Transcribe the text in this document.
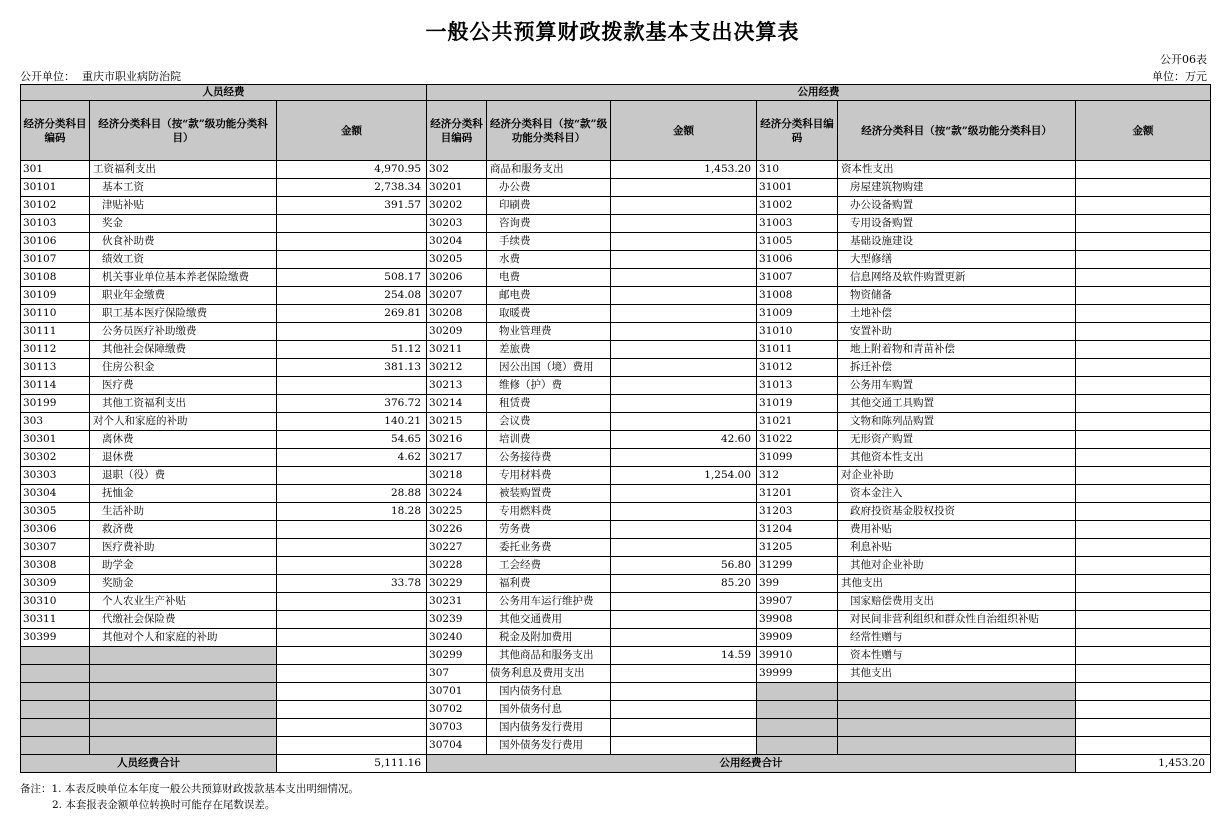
一般公共预算财政拨款基本支出决算表
公开06表
公开单位： 重庆市职业病防治院	单位：万元
人员经费			公用经费					
经济分类科目编码	经济分类科目（按“款”级功能分类科目）	金额	经济分类科目编码	经济分类科目（按“款”级功能分类科目）	金额	经济分类科目编码	经济分类科目（按“款”级功能分类科目）	金额
301	工资福利支出	4,970.95	302	商品和服务支出	1,453.20	310	资本性支出	
30101	基本工资	2,738.34	30201	办公费		31001	房屋建筑物购建	
30102	津贴补贴	391.57	30202	印刷费		31002	办公设备购置	
30103	奖金		30203	咨询费		31003	专用设备购置	
30106	伙食补助费		30204	手续费		31005	基础设施建设	
30107	绩效工资		30205	水费		31006	大型修缮	
30108	机关事业单位基本养老保险缴费	508.17	30206	电费		31007	信息网络及软件购置更新	
30109	职业年金缴费	254.08	30207	邮电费		31008	物资储备	
30110	职工基本医疗保险缴费	269.81	30208	取暖费		31009	土地补偿	
30111	公务员医疗补助缴费		30209	物业管理费		31010	安置补助	
30112	其他社会保障缴费	51.12	30211	差旅费		31011	地上附着物和青苗补偿	
30113	住房公积金	381.13	30212	因公出国（境）费用		31012	拆迁补偿	
30114	医疗费		30213	维修（护）费		31013	公务用车购置	
30199	其他工资福利支出	376.72	30214	租赁费		31019	其他交通工具购置	
303	对个人和家庭的补助	140.21	30215	会议费		31021	文物和陈列品购置	
30301	离休费	54.65	30216	培训费	42.60	31022	无形资产购置	
30302	退休费	4.62	30217	公务接待费		31099	其他资本性支出	
30303	退职（役）费		30218	专用材料费	1,254.00	312	对企业补助	
30304	抚恤金	28.88	30224	被装购置费		31201	资本金注入	
30305	生活补助	18.28	30225	专用燃料费		31203	政府投资基金股权投资	
30306	救济费		30226	劳务费		31204	费用补贴	
30307	医疗费补助		30227	委托业务费		31205	利息补贴	
30308	助学金		30228	工会经费	56.80	31299	其他对企业补助	
30309	奖励金	33.78	30229	福利费	85.20	399	其他支出	
30310	个人农业生产补贴		30231	公务用车运行维护费		39907	国家赔偿费用支出	
30311	代缴社会保险费		30239	其他交通费用		39908	对民间非营利组织和群众性自治组织补贴	
30399	其他对个人和家庭的补助		30240	税金及附加费用		39909	经常性赠与	
			30299	其他商品和服务支出	14.59	39910	资本性赠与	
			307	债务利息及费用支出		39999	其他支出	
			30701	国内债务付息				
			30702	国外债务付息				
			30703	国内债务发行费用				
			30704	国外债务发行费用				
人员经费合计		5,111.16	公用经费合计					1,453.20
备注：1. 本表反映单位本年度一般公共预算财政拨款基本支出明细情况。
2. 本套报表金额单位转换时可能存在尾数误差。
